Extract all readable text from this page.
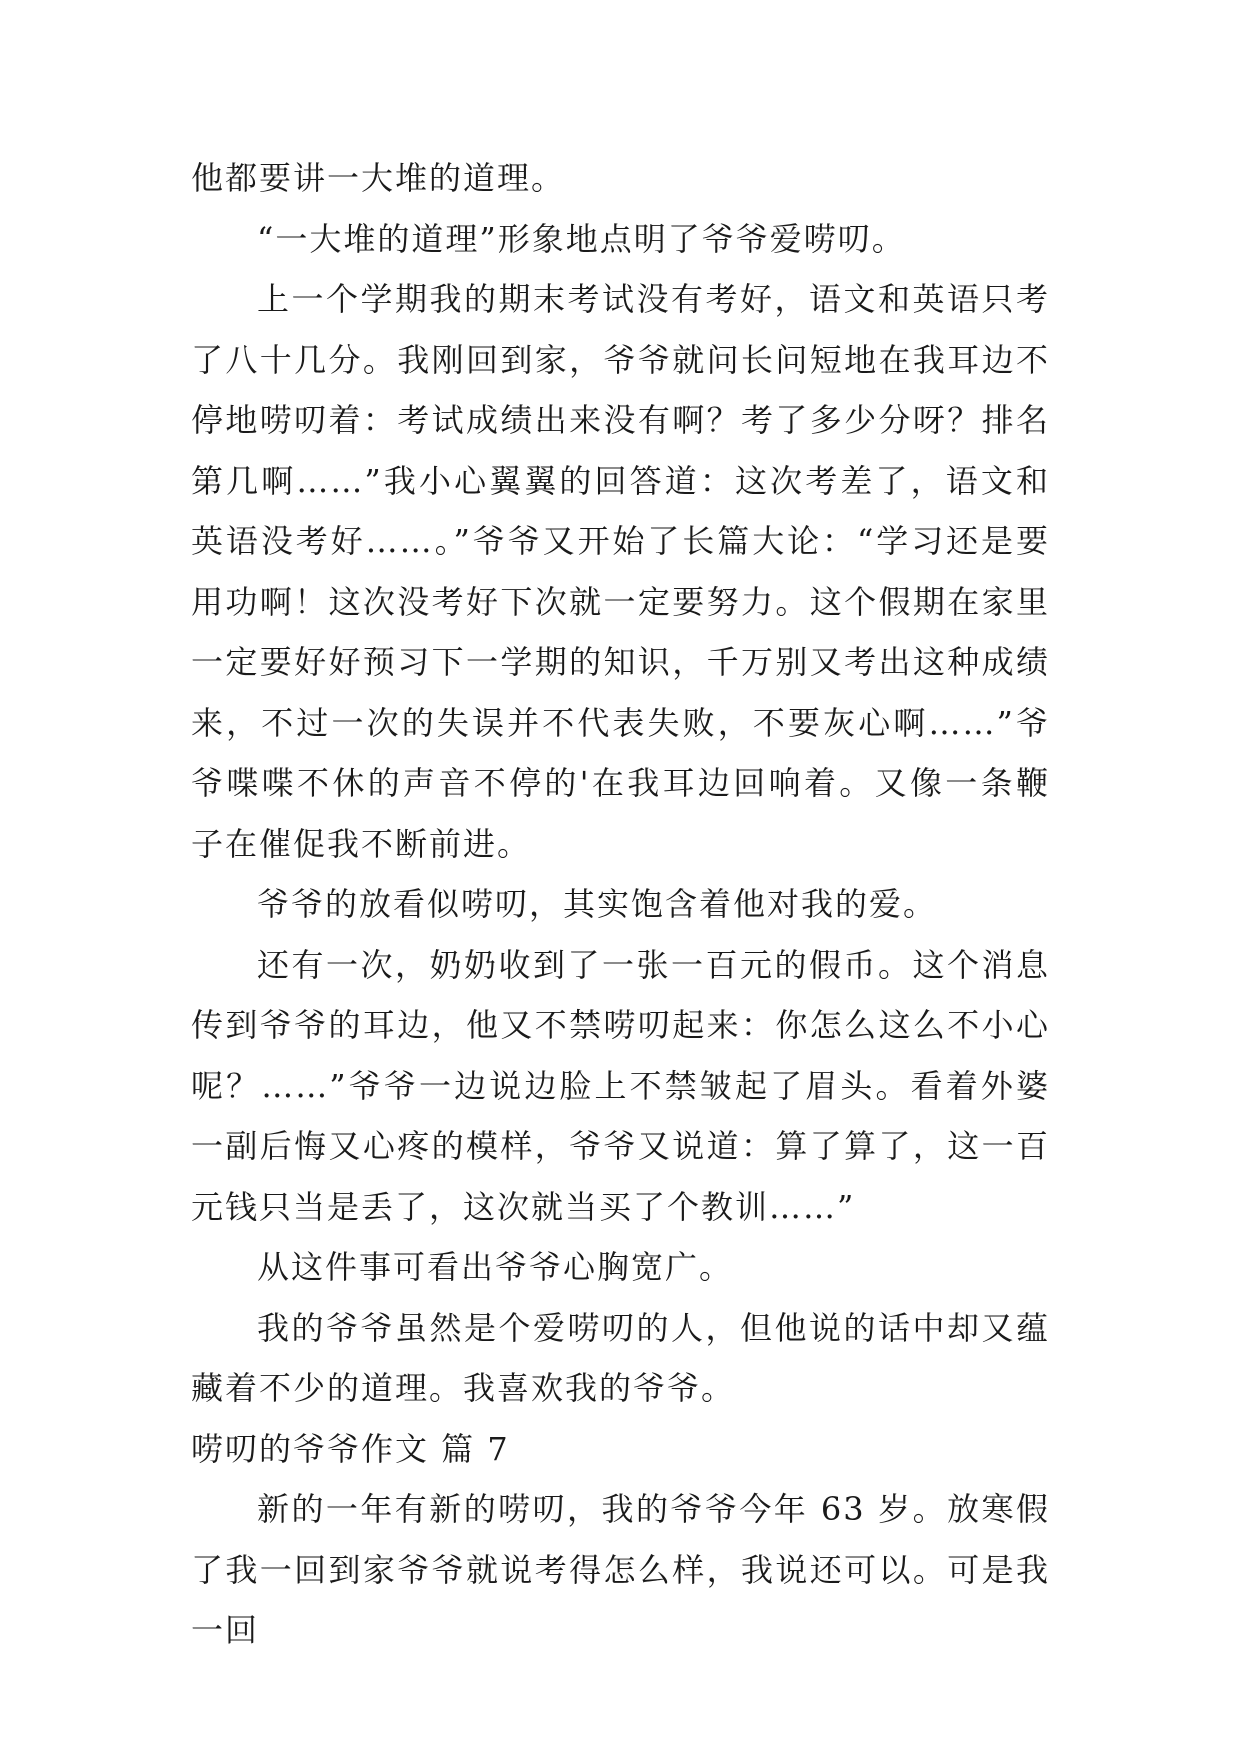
他都要讲一大堆的道理。

“一大堆的道理”形象地点明了爷爷爱唠叨。

上一个学期我的期末考试没有考好，语文和英语只考了八十几分。我刚回到家，爷爷就问长问短地在我耳边不停地唠叨着：考试成绩出来没有啊？考了多少分呀？排名第几啊……”我小心翼翼的回答道：这次考差了，语文和英语没考好……。”爷爷又开始了长篇大论：“学习还是要用功啊！这次没考好下次就一定要努力。这个假期在家里一定要好好预习下一学期的知识，千万别又考出这种成绩来，不过一次的失误并不代表失败，不要灰心啊……”爷爷喋喋不休的声音不停的'在我耳边回响着。又像一条鞭子在催促我不断前进。

爷爷的放看似唠叨，其实饱含着他对我的爱。

还有一次，奶奶收到了一张一百元的假币。这个消息传到爷爷的耳边，他又不禁唠叨起来：你怎么这么不小心呢？……”爷爷一边说边脸上不禁皱起了眉头。看着外婆一副后悔又心疼的模样，爷爷又说道：算了算了，这一百元钱只当是丢了，这次就当买了个教训……”

从这件事可看出爷爷心胸宽广。

我的爷爷虽然是个爱唠叨的人，但他说的话中却又蕴藏着不少的道理。我喜欢我的爷爷。

唠叨的爷爷作文 篇 7

新的一年有新的唠叨，我的爷爷今年 63 岁。放寒假了我一回到家爷爷就说考得怎么样，我说还可以。可是我一回
